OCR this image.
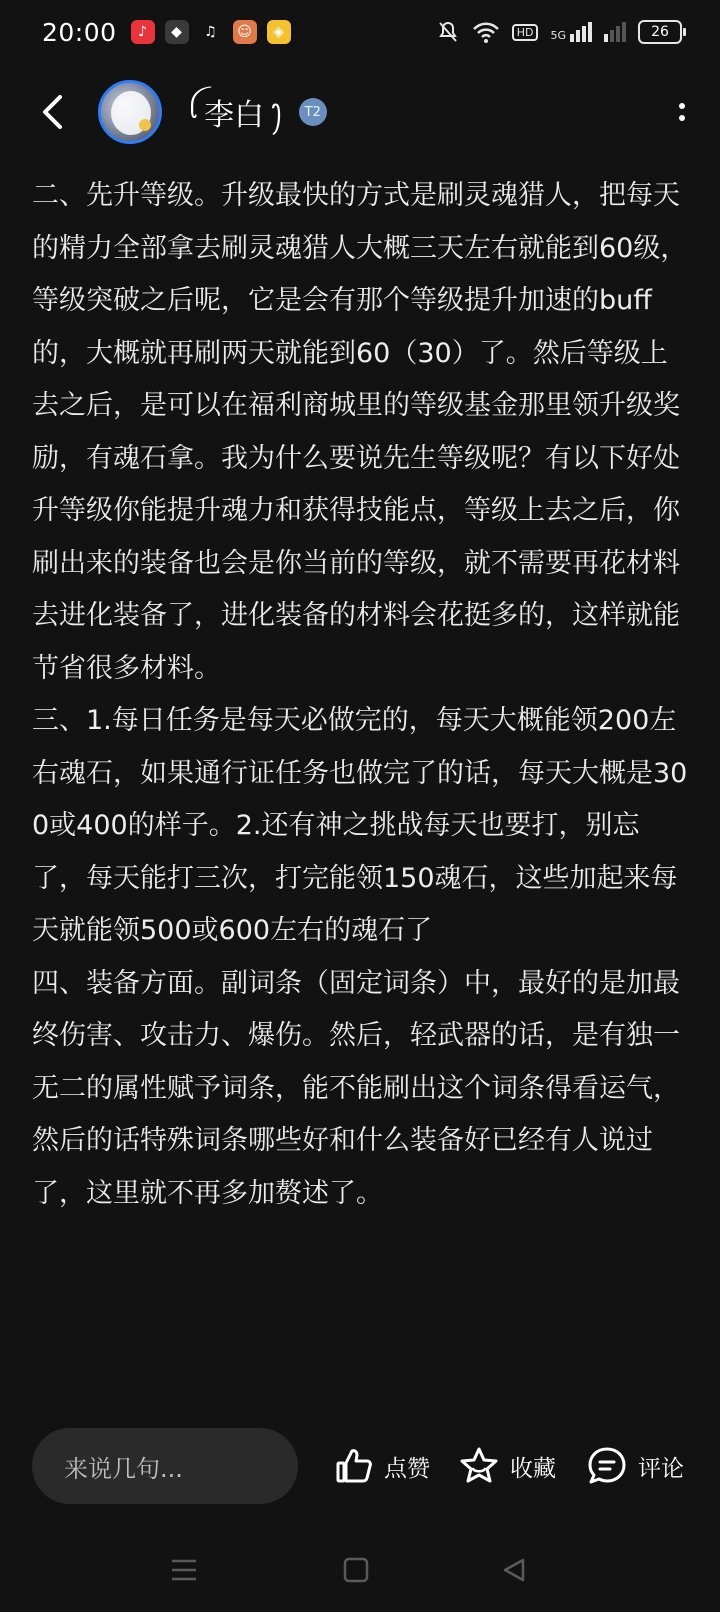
20:00	♪	◆	♫	☺	◈	HD	5G	26
ꪶ 李白 ꫂ	T2

二、先升等级。升级最快的方式是刷灵魂猎人，把每天的精力全部拿去刷灵魂猎人大概三天左右就能到60级，等级突破之后呢，它是会有那个等级提升加速的buff的，大概就再刷两天就能到60（30）了。然后等级上去之后，是可以在福利商城里的等级基金那里领升级奖励，有魂石拿。我为什么要说先生等级呢？有以下好处

升等级你能提升魂力和获得技能点，等级上去之后，你刷出来的装备也会是你当前的等级，就不需要再花材料去进化装备了，进化装备的材料会花挺多的，这样就能节省很多材料。

三、1.每日任务是每天必做完的，每天大概能领200左右魂石，如果通行证任务也做完了的话，每天大概是300或400的样子。2.还有神之挑战每天也要打，别忘了，每天能打三次，打完能领150魂石，这些加起来每天就能领500或600左右的魂石了

四、装备方面。副词条（固定词条）中，最好的是加最终伤害、攻击力、爆伤。然后，轻武器的话，是有独一无二的属性赋予词条，能不能刷出这个词条得看运气，然后的话特殊词条哪些好和什么装备好已经有人说过了，这里就不再多加赘述了。

来说几句...	点赞	收藏	评论
